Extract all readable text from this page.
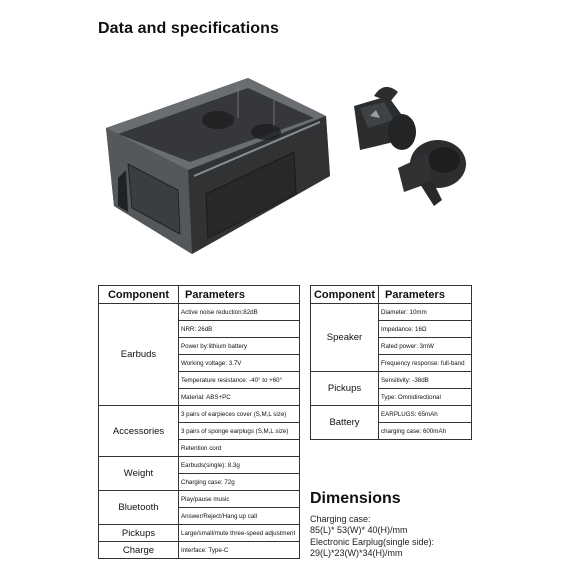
Data and specifications
Component	Parameters
Earbuds	Active noise reduction:82dB
	NRR: 26dB
	Power by:lithium battery
	Working voltage: 3.7V
	Temperature resistance: -40° to +60°
	Material: ABS+PC
Accessories	3 pairs of earpieces cover (S,M,L size)
	3 pairs of sponge earplugs (S,M,L size)
	Retention cord
Weight	Earbuds(single): 8.3g
	Charging case: 72g
Bluetooth	Play/pause music
	Answer/Reject/Hang up call
Pickups	Large/small/mute three-speed adjustment
Charge	Interface: Type-C
Component	Parameters
Speaker	Diameter: 10mm
	Impedance: 16Ω
	Rated power: 3mW
	Frequency response: full-band
Pickups	Sensitivity: -38dB
	Type: Omnidirectional
Battery	EARPLUGS: 65mAh
	charging case: 600mAh
Dimensions
Charging case:
85(L)* 53(W)* 40(H)/mm
Electronic Earplug(single side):
29(L)*23(W)*34(H)/mm
